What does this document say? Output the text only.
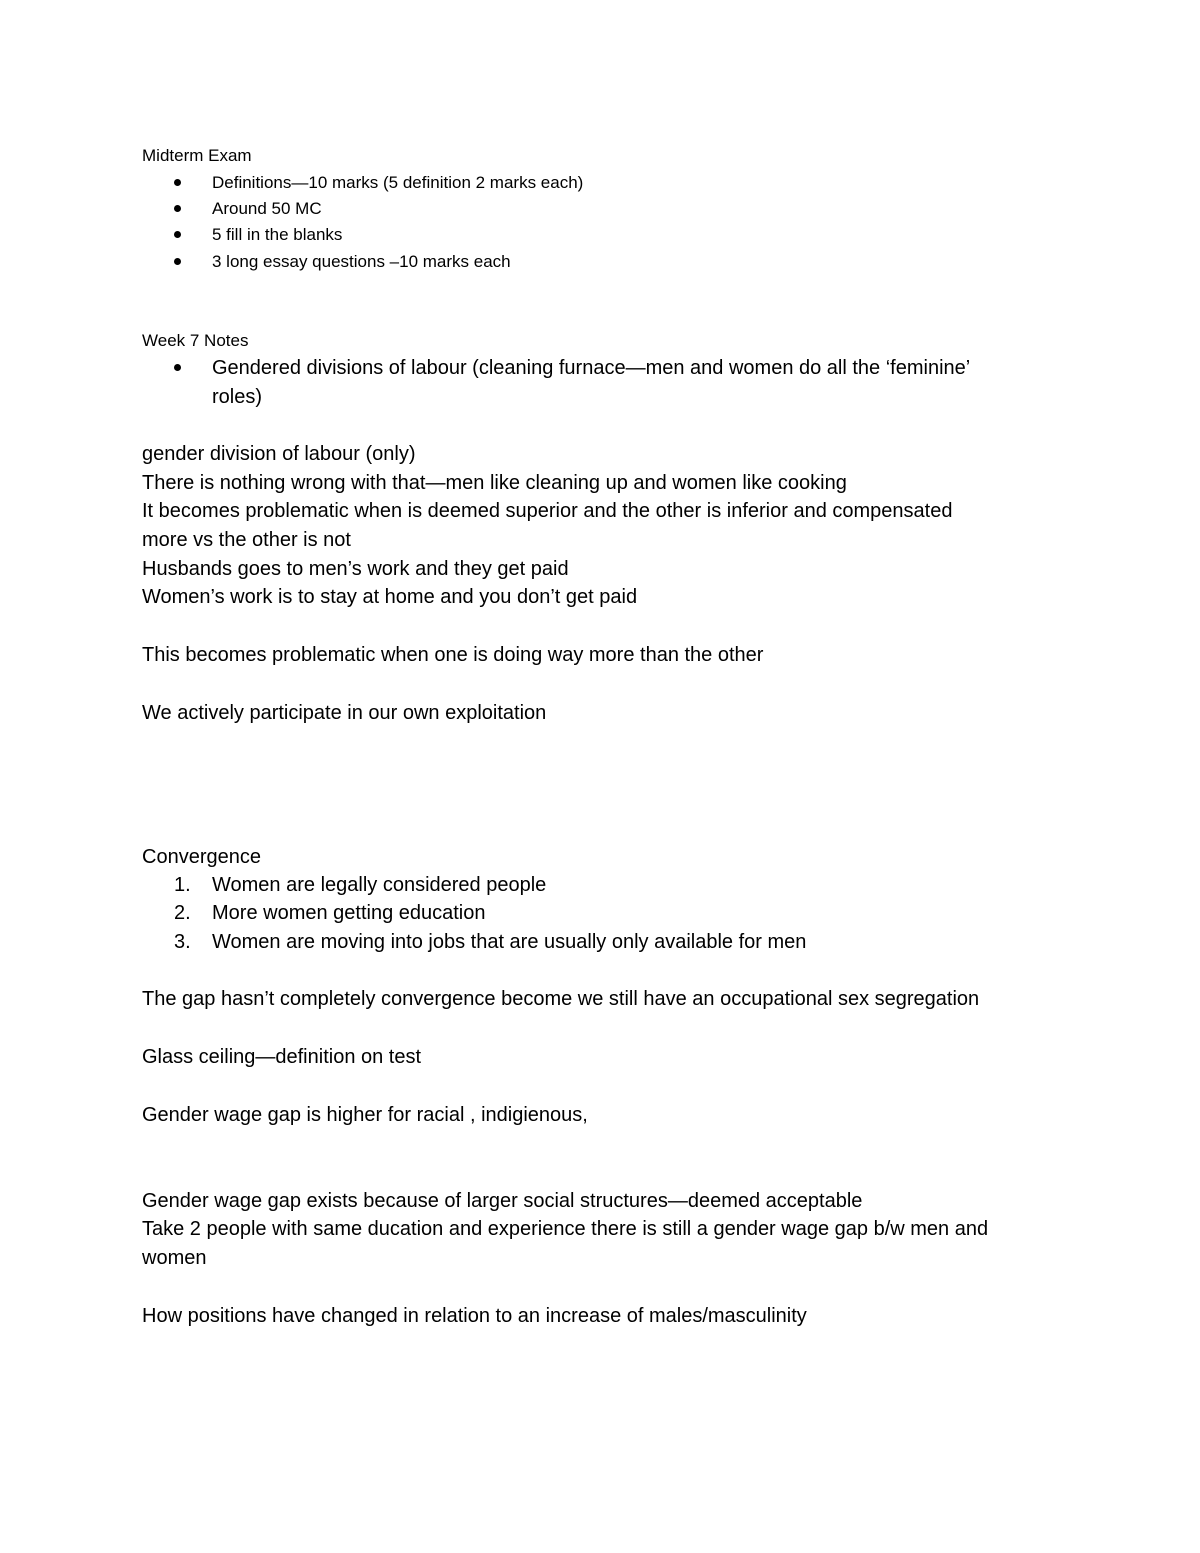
Midterm Exam
Definitions—10 marks (5 definition 2 marks each)
Around 50 MC
5 fill in the blanks
3 long essay questions –10 marks each
Week 7 Notes
Gendered divisions of labour (cleaning furnace—men and women do all the ‘feminine’
roles)
gender division of labour (only)
There is nothing wrong with that—men like cleaning up and women like cooking
It becomes problematic when is deemed superior and the other is inferior and compensated
more vs the other is not
Husbands goes to men’s work and they get paid
Women’s work is to stay at home and you don’t get paid
This becomes problematic when one is doing way more than the other
We actively participate in our own exploitation
Convergence
1. Women are legally considered people
2. More women getting education
3. Women are moving into jobs that are usually only available for men
The gap hasn’t completely convergence become we still have an occupational sex segregation
Glass ceiling—definition on test
Gender wage gap is higher for racial , indigienous,
Gender wage gap exists because of larger social structures—deemed acceptable
Take 2 people with same ducation and experience there is still a gender wage gap b/w men and
women
How positions have changed in relation to an increase of males/masculinity
